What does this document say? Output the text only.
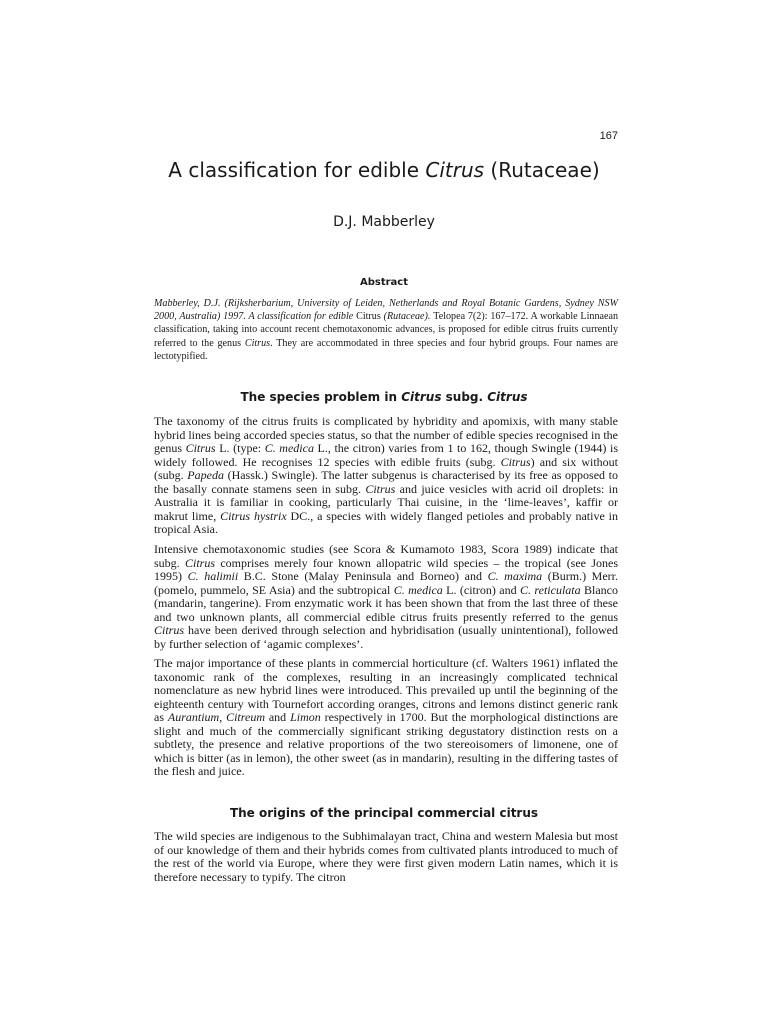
167
A classification for edible Citrus (Rutaceae)
D.J. Mabberley
Abstract

Mabberley, D.J. (Rijksherbarium, University of Leiden, Netherlands and Royal Botanic Gardens, Sydney NSW 2000, Australia) 1997. A classification for edible Citrus (Rutaceae). Telopea 7(2): 167–172. A workable Linnaean classification, taking into account recent chemotaxonomic advances, is proposed for edible citrus fruits currently referred to the genus Citrus. They are accommodated in three species and four hybrid groups. Four names are lectotypified.

The species problem in Citrus subg. Citrus

The taxonomy of the citrus fruits is complicated by hybridity and apomixis, with many stable hybrid lines being accorded species status, so that the number of edible species recognised in the genus Citrus L. (type: C. medica L., the citron) varies from 1 to 162, though Swingle (1944) is widely followed. He recognises 12 species with edible fruits (subg. Citrus) and six without (subg. Papeda (Hassk.) Swingle). The latter subgenus is characterised by its free as opposed to the basally connate stamens seen in subg. Citrus and juice vesicles with acrid oil droplets: in Australia it is familiar in cooking, particularly Thai cuisine, in the ‘lime-leaves’, kaffir or makrut lime, Citrus hystrix DC., a species with widely flanged petioles and probably native in tropical Asia.

Intensive chemotaxonomic studies (see Scora & Kumamoto 1983, Scora 1989) indicate that subg. Citrus comprises merely four known allopatric wild species – the tropical (see Jones 1995) C. halimii B.C. Stone (Malay Peninsula and Borneo) and C. maxima (Burm.) Merr. (pomelo, pummelo, SE Asia) and the subtropical C. medica L. (citron) and C. reticulata Blanco (mandarin, tangerine). From enzymatic work it has been shown that from the last three of these and two unknown plants, all commercial edible citrus fruits presently referred to the genus Citrus have been derived through selection and hybridisation (usually unintentional), followed by further selection of ‘agamic complexes’.

The major importance of these plants in commercial horticulture (cf. Walters 1961) inflated the taxonomic rank of the complexes, resulting in an increasingly complicated technical nomenclature as new hybrid lines were introduced. This prevailed up until the beginning of the eighteenth century with Tournefort according oranges, citrons and lemons distinct generic rank as Aurantium, Citreum and Limon respectively in 1700. But the morphological distinctions are slight and much of the commercially significant striking degustatory distinction rests on a subtlety, the presence and relative proportions of the two stereoisomers of limonene, one of which is bitter (as in lemon), the other sweet (as in mandarin), resulting in the differing tastes of the flesh and juice.

The origins of the principal commercial citrus

The wild species are indigenous to the Subhimalayan tract, China and western Malesia but most of our knowledge of them and their hybrids comes from cultivated plants introduced to much of the rest of the world via Europe, where they were first given modern Latin names, which it is therefore necessary to typify. The citron
